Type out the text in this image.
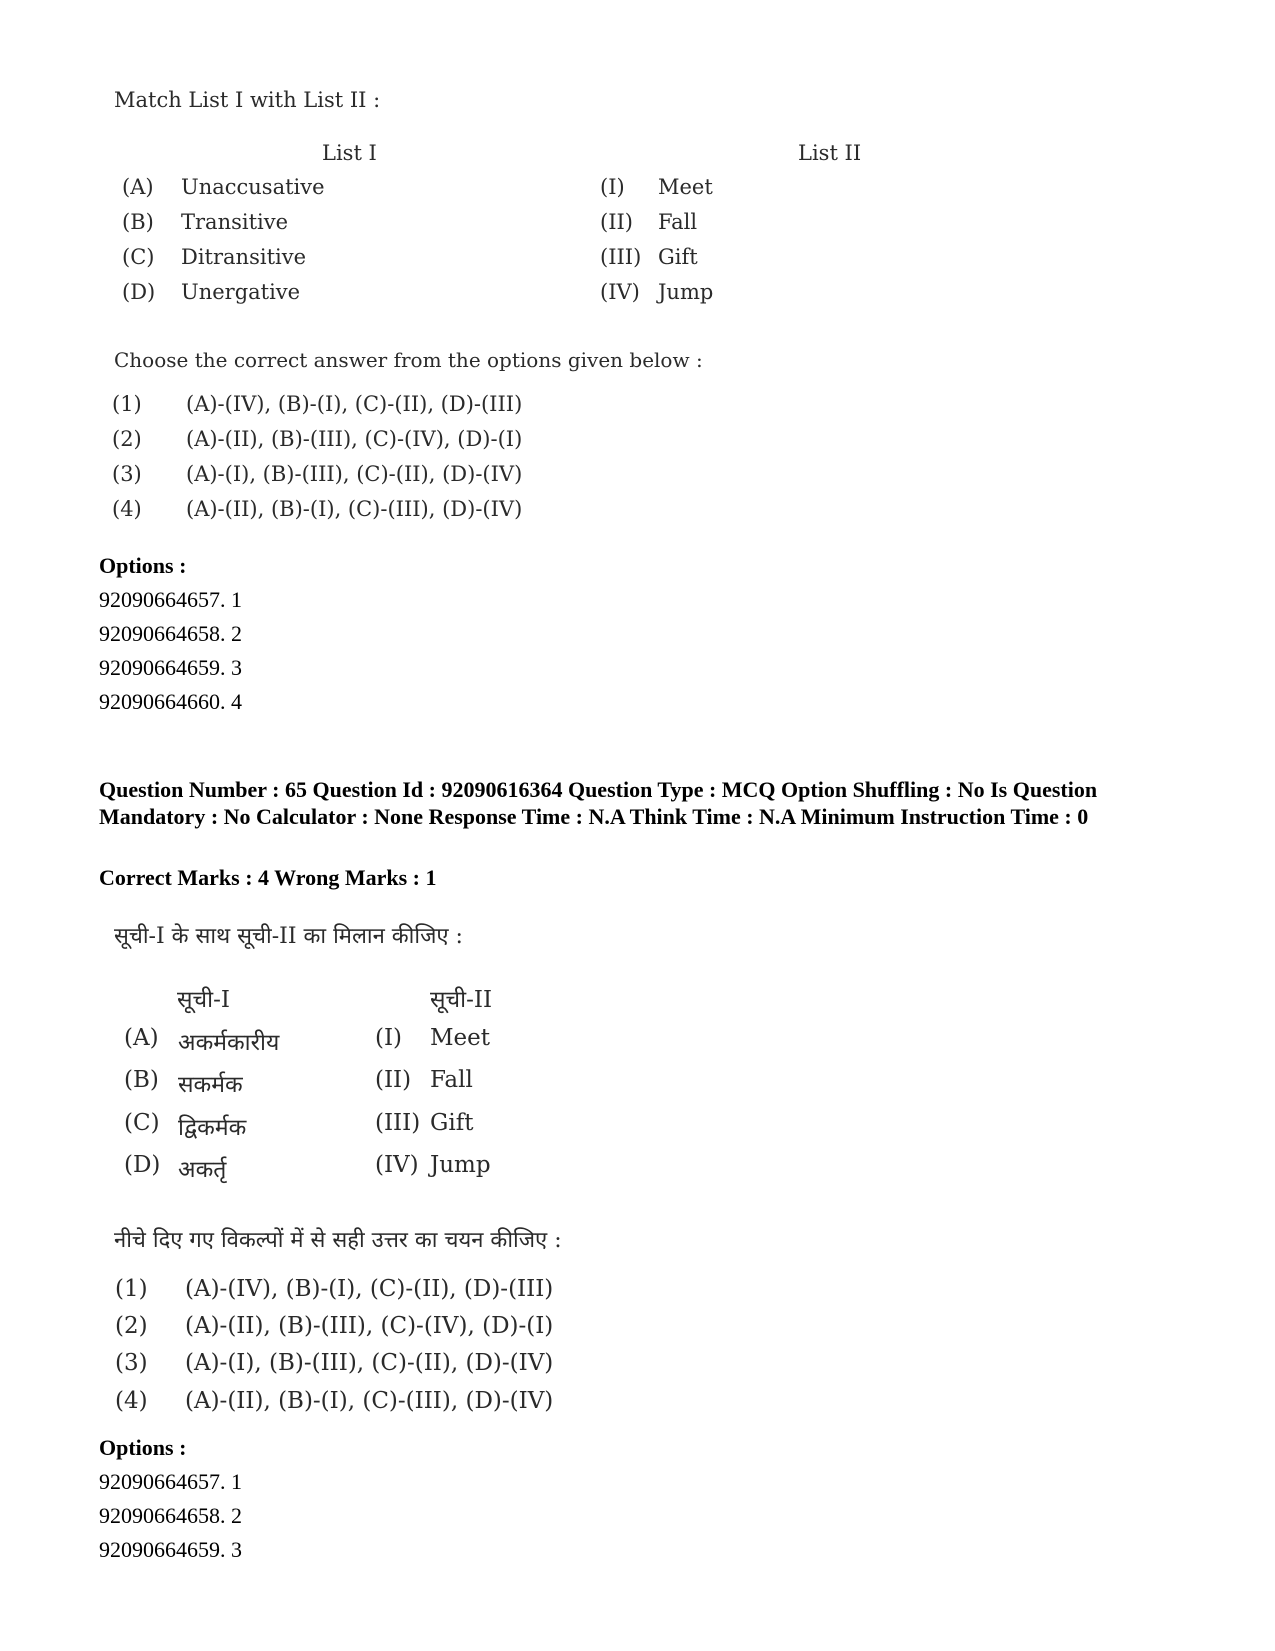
Match List I with List II :
List I	List II
(A) Unaccusative	(I) Meet
(B) Transitive	(II) Fall
(C) Ditransitive	(III) Gift
(D) Unergative	(IV) Jump
Choose the correct answer from the options given below :
(1) (A)-(IV), (B)-(I), (C)-(II), (D)-(III)
(2) (A)-(II), (B)-(III), (C)-(IV), (D)-(I)
(3) (A)-(I), (B)-(III), (C)-(II), (D)-(IV)
(4) (A)-(II), (B)-(I), (C)-(III), (D)-(IV)
Options :
92090664657. 1
92090664658. 2
92090664659. 3
92090664660. 4
Question Number : 65 Question Id : 92090616364 Question Type : MCQ Option Shuffling : No Is Question Mandatory : No Calculator : None Response Time : N.A Think Time : N.A Minimum Instruction Time : 0
Correct Marks : 4 Wrong Marks : 1
सूची-I के साथ सूची-II का मिलान कीजिए :
सूची-I	सूची-II
(A) अकर्मकारीय	(I) Meet
(B) सकर्मक	(II) Fall
(C) द्विकर्मक	(III) Gift
(D) अकर्तृ	(IV) Jump
नीचे दिए गए विकल्पों में से सही उत्तर का चयन कीजिए :
(1) (A)-(IV), (B)-(I), (C)-(II), (D)-(III)
(2) (A)-(II), (B)-(III), (C)-(IV), (D)-(I)
(3) (A)-(I), (B)-(III), (C)-(II), (D)-(IV)
(4) (A)-(II), (B)-(I), (C)-(III), (D)-(IV)
Options :
92090664657. 1
92090664658. 2
92090664659. 3
